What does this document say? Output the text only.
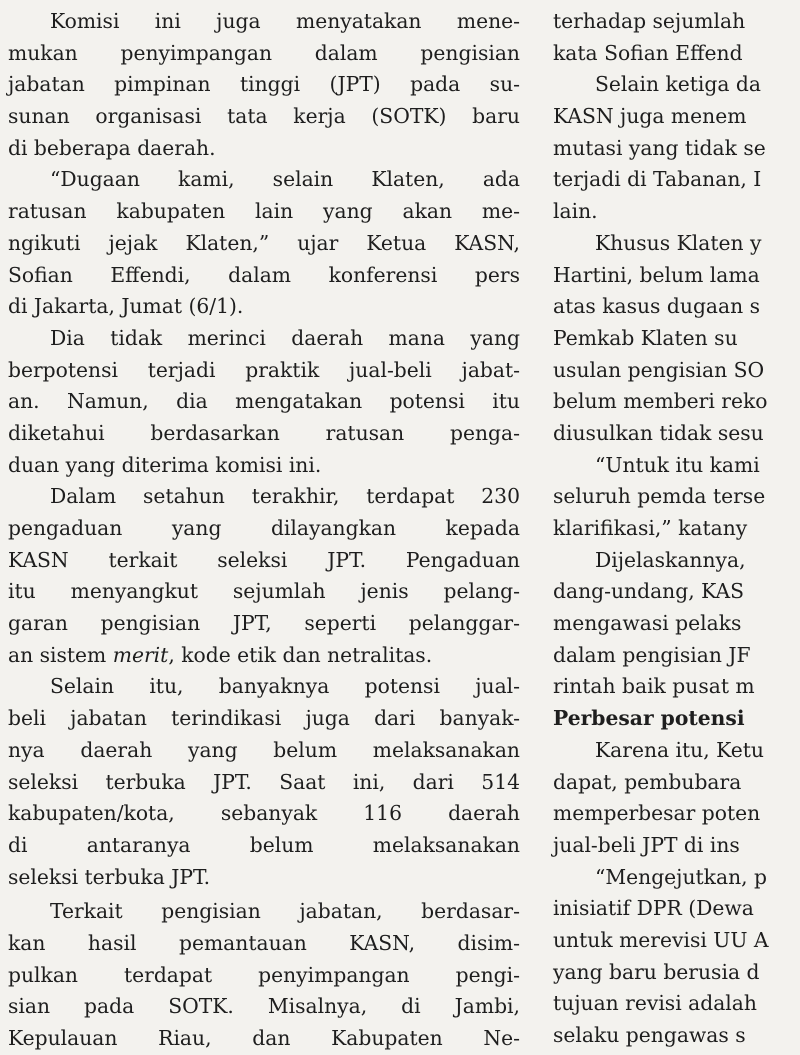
Komisi ini juga menyatakan mene-
mukan penyimpangan dalam pengisian
jabatan pimpinan tinggi (JPT) pada su-
sunan organisasi tata kerja (SOTK) baru
di beberapa daerah.
“Dugaan kami, selain Klaten, ada
ratusan kabupaten lain yang akan me-
ngikuti jejak Klaten,” ujar Ketua KASN,
Sofian Effendi, dalam konferensi pers
di Jakarta, Jumat (6/1).
Dia tidak merinci daerah mana yang
berpotensi terjadi praktik jual-beli jabat-
an. Namun, dia mengatakan potensi itu
diketahui berdasarkan ratusan penga-
duan yang diterima komisi ini.
Dalam setahun terakhir, terdapat 230
pengaduan yang dilayangkan kepada
KASN terkait seleksi JPT. Pengaduan
itu menyangkut sejumlah jenis pelang-
garan pengisian JPT, seperti pelanggar-
an sistem merit, kode etik dan netralitas.
Selain itu, banyaknya potensi jual-
beli jabatan terindikasi juga dari banyak-
nya daerah yang belum melaksanakan
seleksi terbuka JPT. Saat ini, dari 514
kabupaten/kota, sebanyak 116 daerah
di antaranya belum melaksanakan
seleksi terbuka JPT.
Terkait pengisian jabatan, berdasar-
kan hasil pemantauan KASN, disim-
pulkan terdapat penyimpangan pengi-
sian pada SOTK. Misalnya, di Jambi,
Kepulauan Riau, dan Kabupaten Ne-
terhadap sejumlah
kata Sofian Effend
Selain ketiga da
KASN juga menem
mutasi yang tidak se
terjadi di Tabanan, I
lain.
Khusus Klaten y
Hartini, belum lama
atas kasus dugaan s
Pemkab Klaten su
usulan pengisian SO
belum memberi reko
diusulkan tidak sesu
“Untuk itu kami
seluruh pemda terse
klarifikasi,” katany
Dijelaskannya,
dang-undang, KAS
mengawasi pelaks
dalam pengisian JF
rintah baik pusat m
Perbesar potensi
Karena itu, Ketu
dapat, pembubara
memperbesar poten
jual-beli JPT di ins
“Mengejutkan, p
inisiatif DPR (Dewa
untuk merevisi UU A
yang baru berusia d
tujuan revisi adalah
selaku pengawas s
